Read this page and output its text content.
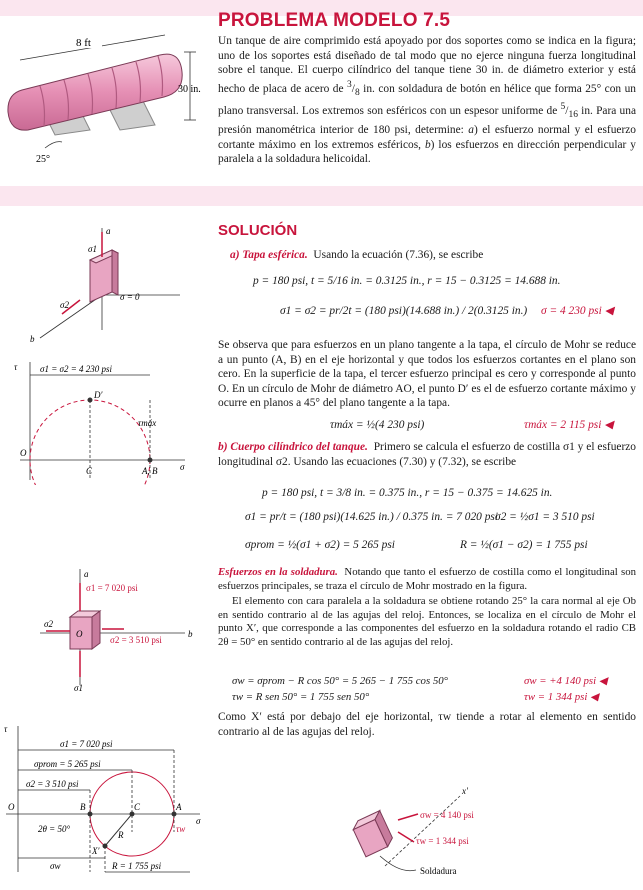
PROBLEMA MODELO 7.5
Un tanque de aire comprimido está apoyado por dos soportes como se indica en la figura; uno de los soportes está diseñado de tal modo que no ejerce ninguna fuerza longitudinal sobre el tanque. El cuerpo cilíndrico del tanque tiene 30 in. de diámetro exterior y está hecho de placa de acero de $^3/_8$ in. con soldadura de botón en hélice que forma 25° con un plano transversal. Los extremos son esféricos con un espesor uniforme de $^5/_{16}$ in. Para una presión manométrica interior de 180 psi, determine: a) el esfuerzo normal y el esfuerzo cortante máximo en los extremos esféricos, b) los esfuerzos en dirección perpendicular y paralela a la soldadura helicoidal.
8 ft
30 in.
25°
SOLUCIÓN
a) Tapa esférica. Usando la ecuación (7.36), se escribe
p = 180 psi, t = 5/16 in. = 0.3125 in., r = 15 − 0.3125 = 14.688 in.
σ1 = σ2 = pr/2t = (180 psi)(14.688 in.) / 2(0.3125 in.) σ = 4 230 psi ◀
Se observa que para esfuerzos en un plano tangente a la tapa, el círculo de Mohr se reduce a un punto (A, B) en el eje horizontal y que todos los esfuerzos cortantes en el plano son cero. En la superficie de la tapa, el tercer esfuerzo principal es cero y corresponde al punto O. En un círculo de Mohr de diámetro AO, el punto D′ es el de esfuerzo cortante máximo y ocurre en planos a 45° del plano tangente a la tapa.
τmáx = ½(4 230 psi)	τmáx = 2 115 psi ◀
b) Cuerpo cilíndrico del tanque. Primero se calcula el esfuerzo de costilla σ1 y el esfuerzo longitudinal σ2. Usando las ecuaciones (7.30) y (7.32), se escribe
p = 180 psi, t = 3/8 in. = 0.375 in., r = 15 − 0.375 = 14.625 in.
σ1 = pr/t = (180 psi)(14.625 in.) / 0.375 in. = 7 020 psi
σ2 = ½σ1 = 3 510 psi
σprom = ½(σ1 + σ2) = 5 265 psi	R = ½(σ1 − σ2) = 1 755 psi
Esfuerzos en la soldadura. Notando que tanto el esfuerzo de costilla como el longitudinal son esfuerzos principales, se traza el círculo de Mohr mostrado en la figura.
El elemento con cara paralela a la soldadura se obtiene rotando 25° la cara normal al eje Ob en sentido contrario al de las agujas del reloj. Entonces, se localiza en el círculo de Mohr el punto X′, que corresponde a las componentes del esfuerzo en la soldadura rotando el radio CB 2θ = 50° en sentido contrario al de las agujas del reloj.
σw = σprom − R cos 50° = 5 265 − 1 755 cos 50°	σw = +4 140 psi ◀
τw = R sen 50° = 1 755 sen 50°	τw = 1 344 psi ◀
Como X′ está por debajo del eje horizontal, τw tiende a rotar al elemento en sentido contrario al de las agujas del reloj.
a
b
σ1
σ2
σ = 0
τ
σ
σ1 = σ2 = 4 230 psi
D′
τmáx
O
C	A, B
a
b
σ1 = 7 020 psi
σ2 = 3 510 psi
σ2
σ1
O
τ
σ
σ1 = 7 020 psi
σprom = 5 265 psi
σ2 = 3 510 psi
O	B	C	A
2θ = 50°
R
X′
τw
σw	R = 1 755 psi
x′
σw = 4 140 psi
τw = 1 344 psi
Soldadura
